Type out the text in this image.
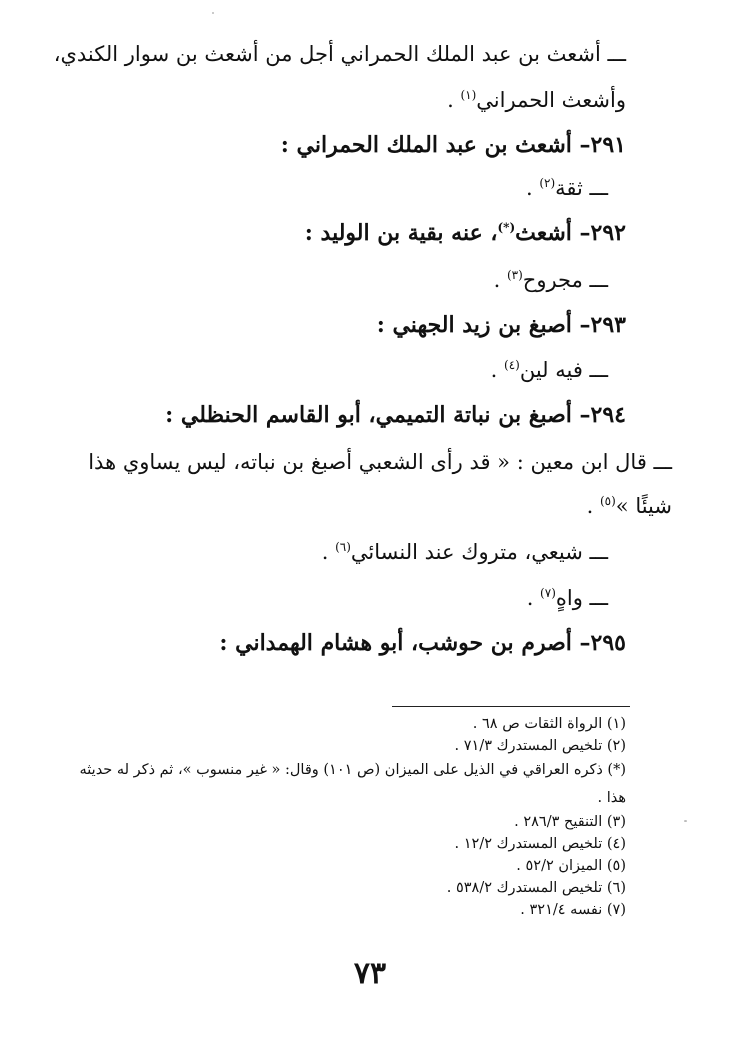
ـــ أشعث بن عبد الملك الحمراني أجل من أشعث بن سوار الكندي،
وأشعث الحمراني$^{(١)}$ .
٢٩١– أشعث بن عبد الملك الحمراني :
ـــ ثقة$^{(٢)}$ .
٢٩٢– أشعث(*)، عنه بقية بن الوليد :
ـــ مجروح$^{(٣)}$ .
٢٩٣– أصبغ بن زيد الجهني :
ـــ فيه لين$^{(٤)}$ .
٢٩٤– أصبغ بن نباتة التميمي، أبو القاسم الحنظلي :
ـــ قال ابن معين : « قد رأى الشعبي أصبغ بن نباته، ليس يساوي هذا
شيئًا »$^{(٥)}$ .
ـــ شيعي، متروك عند النسائي$^{(٦)}$ .
ـــ واهٍ$^{(٧)}$ .
٢٩٥– أصرم بن حوشب، أبو هشام الهمداني :
(١) الرواة الثقات ص ٦٨ .
(٢) تلخيص المستدرك ٧١/٣ .
(*) ذكره العراقي في الذيل على الميزان (ص ١٠١) وقال: « غير منسوب »، ثم ذكر له حديثه
هذا .
(٣) التنقيح ٢٨٦/٣ .
(٤) تلخيص المستدرك ١٢/٢ .
(٥) الميزان ٥٢/٢ .
(٦) تلخيص المستدرك ٥٣٨/٢ .
(٧) نفسه ٣٢١/٤ .
٧٣
